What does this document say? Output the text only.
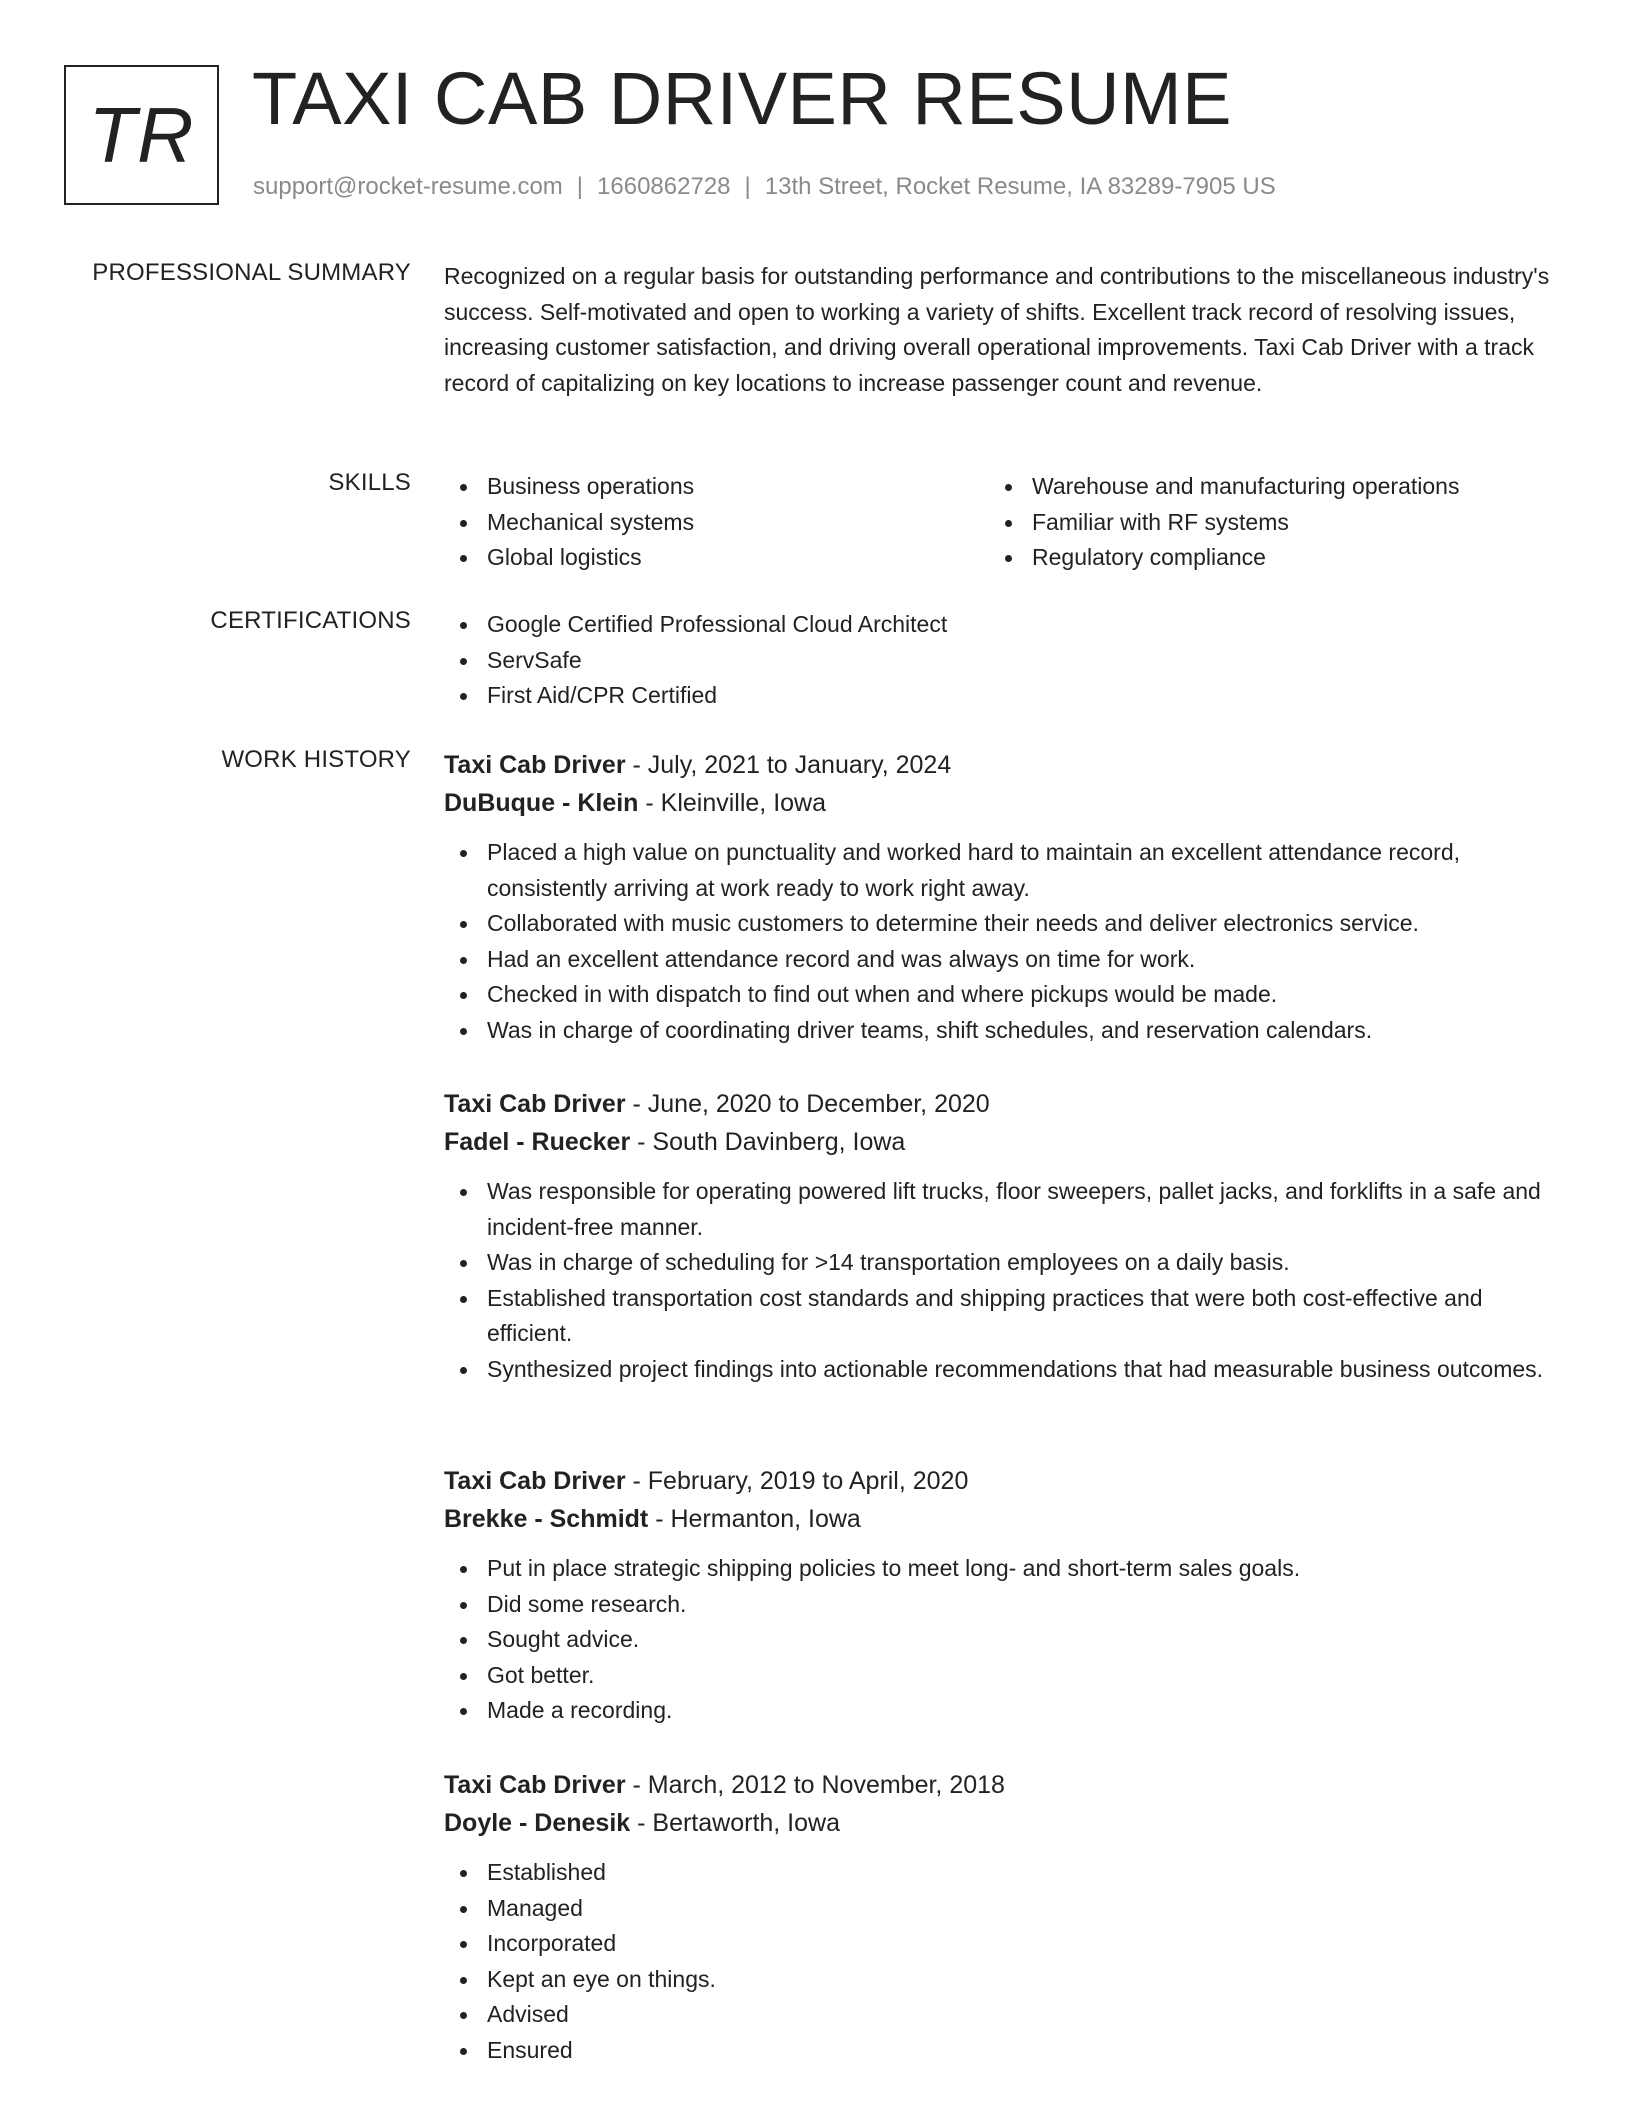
TR TAXI CAB DRIVER RESUME
support@rocket-resume.com | 1660862728 | 13th Street, Rocket Resume, IA 83289-7905 US
PROFESSIONAL SUMMARY Recognized on a regular basis for outstanding performance and contributions to the miscellaneous industry's success. Self-motivated and open to working a variety of shifts. Excellent track record of resolving issues, increasing customer satisfaction, and driving overall operational improvements. Taxi Cab Driver with a track record of capitalizing on key locations to increase passenger count and revenue.
SKILLS	Business operations
Mechanical systems
Global logistics
Warehouse and manufacturing operations
Familiar with RF systems
Regulatory compliance
CERTIFICATIONS	Google Certified Professional Cloud Architect
ServSafe
First Aid/CPR Certified
WORK HISTORY Taxi Cab Driver - July, 2021 to January, 2024
DuBuque - Klein - Kleinville, Iowa
Placed a high value on punctuality and worked hard to maintain an excellent attendance record, consistently arriving at work ready to work right away.
Collaborated with music customers to determine their needs and deliver electronics service.
Had an excellent attendance record and was always on time for work.
Checked in with dispatch to find out when and where pickups would be made.
Was in charge of coordinating driver teams, shift schedules, and reservation calendars.
Taxi Cab Driver - June, 2020 to December, 2020
Fadel - Ruecker - South Davinberg, Iowa
Was responsible for operating powered lift trucks, floor sweepers, pallet jacks, and forklifts in a safe and incident-free manner.
Was in charge of scheduling for >14 transportation employees on a daily basis.
Established transportation cost standards and shipping practices that were both cost-effective and efficient.
Synthesized project findings into actionable recommendations that had measurable business outcomes.
Taxi Cab Driver - February, 2019 to April, 2020
Brekke - Schmidt - Hermanton, Iowa
Put in place strategic shipping policies to meet long- and short-term sales goals.
Did some research.
Sought advice.
Got better.
Made a recording.
Taxi Cab Driver - March, 2012 to November, 2018
Doyle - Denesik - Bertaworth, Iowa
Established
Managed
Incorporated
Kept an eye on things.
Advised
Ensured
